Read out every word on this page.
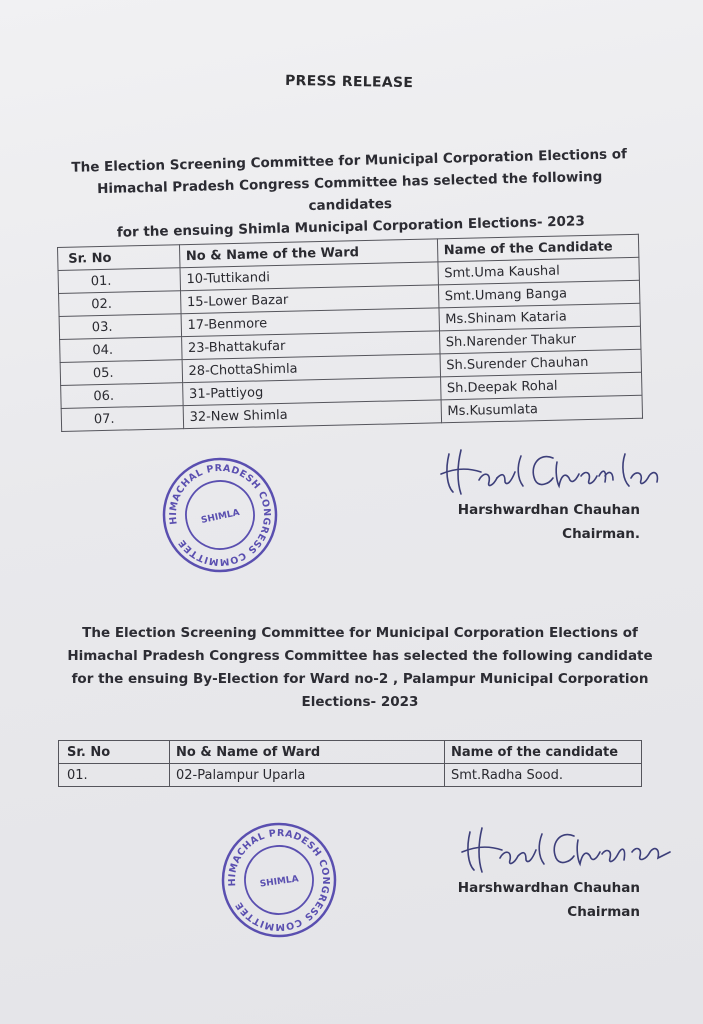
PRESS RELEASE
The Election Screening Committee for Municipal Corporation Elections of
Himachal Pradesh Congress Committee has selected the following candidates
for the ensuing Shimla Municipal Corporation Elections- 2023
Sr. No	No & Name of the Ward	Name of the Candidate
01.	10-Tuttikandi	Smt.Uma Kaushal
02.	15-Lower Bazar	Smt.Umang Banga
03.	17-Benmore	Ms.Shinam Kataria
04.	23-Bhattakufar	Sh.Narender Thakur
05.	28-ChottaShimla	Sh.Surender Chauhan
06.	31-Pattiyog	Sh.Deepak Rohal
07.	32-New Shimla	Ms.Kusumlata
HIMACHAL PRADESH CONGRESS COMMITTEE
SHIMLA	Harshwardhan Chauhan
Chairman.
The Election Screening Committee for Municipal Corporation Elections of
Himachal Pradesh Congress Committee has selected the following candidate
for the ensuing By-Election for Ward no-2 , Palampur Municipal Corporation
Elections- 2023
Sr. No	No & Name of Ward	Name of the candidate
01.	02-Palampur Uparla	Smt.Radha Sood.
HIMACHAL PRADESH CONGRESS COMMITTEE
SHIMLA	Harshwardhan Chauhan
Chairman
